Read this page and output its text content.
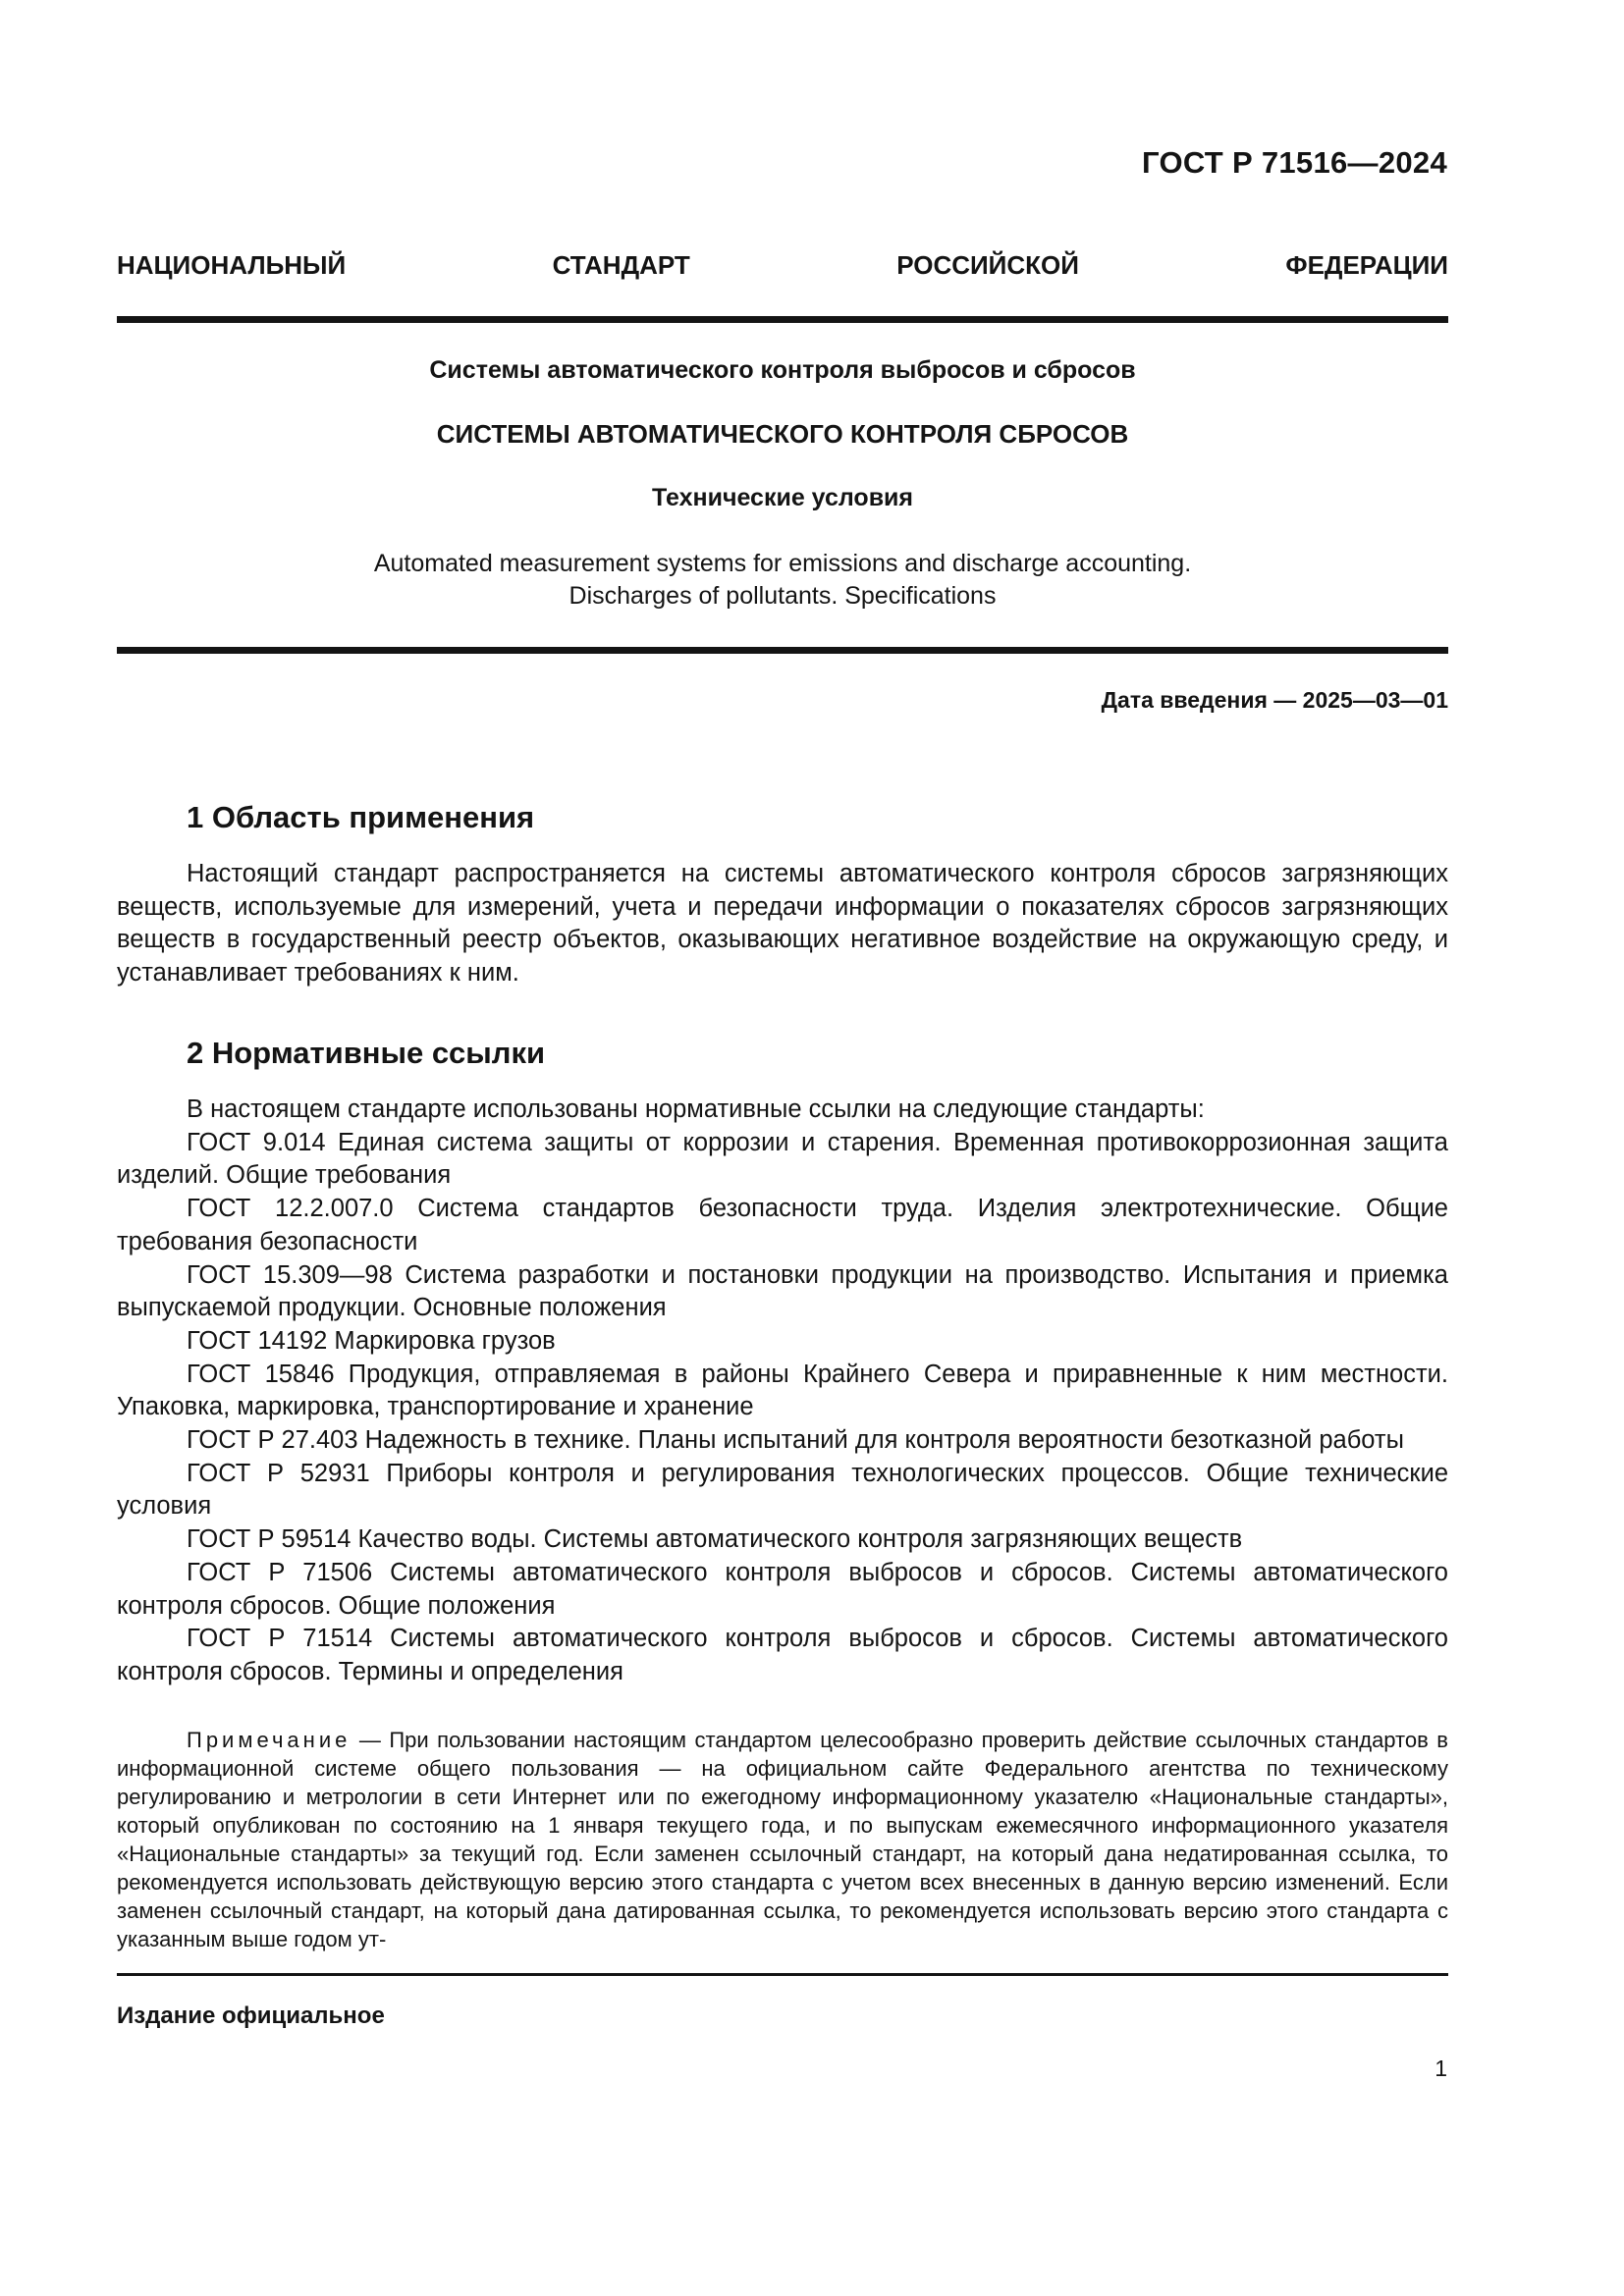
ГОСТ Р 71516—2024
НАЦИОНАЛЬНЫЙ СТАНДАРТ РОССИЙСКОЙ ФЕДЕРАЦИИ
Системы автоматического контроля выбросов и сбросов
СИСТЕМЫ АВТОМАТИЧЕСКОГО КОНТРОЛЯ СБРОСОВ
Технические условия
Automated measurement systems for emissions and discharge accounting.
Discharges of pollutants. Specifications
Дата введения — 2025—03—01
1 Область применения

Настоящий стандарт распространяется на системы автоматического контроля сбросов загрязняющих веществ, используемые для измерений, учета и передачи информации о показателях сбросов загрязняющих веществ в государственный реестр объектов, оказывающих негативное воздействие на окружающую среду, и устанавливает требованиях к ним.

2 Нормативные ссылки

В настоящем стандарте использованы нормативные ссылки на следующие стандарты:

ГОСТ 9.014 Единая система защиты от коррозии и старения. Временная противокоррозионная защита изделий. Общие требования

ГОСТ 12.2.007.0 Система стандартов безопасности труда. Изделия электротехнические. Общие требования безопасности

ГОСТ 15.309—98 Система разработки и постановки продукции на производство. Испытания и приемка выпускаемой продукции. Основные положения

ГОСТ 14192 Маркировка грузов

ГОСТ 15846 Продукция, отправляемая в районы Крайнего Севера и приравненные к ним местности. Упаковка, маркировка, транспортирование и хранение

ГОСТ Р 27.403 Надежность в технике. Планы испытаний для контроля вероятности безотказной работы

ГОСТ Р 52931 Приборы контроля и регулирования технологических процессов. Общие технические условия

ГОСТ Р 59514 Качество воды. Системы автоматического контроля загрязняющих веществ

ГОСТ Р 71506 Системы автоматического контроля выбросов и сбросов. Системы автоматического контроля сбросов. Общие положения

ГОСТ Р 71514 Системы автоматического контроля выбросов и сбросов. Системы автоматического контроля сбросов. Термины и определения

Примечание — При пользовании настоящим стандартом целесообразно проверить действие ссылочных стандартов в информационной системе общего пользования — на официальном сайте Федерального агентства по техническому регулированию и метрологии в сети Интернет или по ежегодному информационному указателю «Национальные стандарты», который опубликован по состоянию на 1 января текущего года, и по выпускам ежемесячного информационного указателя «Национальные стандарты» за текущий год. Если заменен ссылочный стандарт, на который дана недатированная ссылка, то рекомендуется использовать действующую версию этого стандарта с учетом всех внесенных в данную версию изменений. Если заменен ссылочный стандарт, на который дана датированная ссылка, то рекомендуется использовать версию этого стандарта с указанным выше годом ут-
Издание официальное
1
